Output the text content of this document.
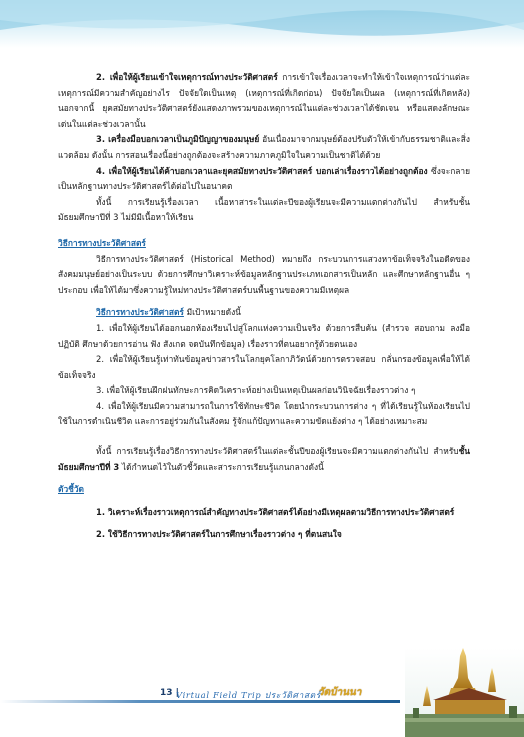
2. เพื่อให้ผู้เรียนเข้าใจเหตุการณ์ทางประวัติศาสตร์ การเข้าใจเรื่องเวลาจะทำให้เข้าใจเหตุการณ์ว่าแต่ละเหตุการณ์มีความสำคัญอย่างไร ปัจจัยใดเป็นเหตุ (เหตุการณ์ที่เกิดก่อน) ปัจจัยใดเป็นผล (เหตุการณ์ที่เกิดหลัง) นอกจากนี้ ยุคสมัยทางประวัติศาสตร์ยังแสดงภาพรวมของเหตุการณ์ในแต่ละช่วงเวลาได้ชัดเจน หรือแสดงลักษณะเด่นในแต่ละช่วงเวลานั้น

3. เครื่องมือบอกเวลาเป็นภูมิปัญญาของมนุษย์ อันเนื่องมาจากมนุษย์ต้องปรับตัวให้เข้ากับธรรมชาติและสิ่งแวดล้อม ดังนั้น การสอนเรื่องนี้อย่างถูกต้องจะสร้างความภาคภูมิใจในความเป็นชาติได้ด้วย

4. เพื่อให้ผู้เรียนได้ค้าบอกเวลาและยุคสมัยทางประวัติศาสตร์ บอกเล่าเรื่องราวได้อย่างถูกต้อง ซึ่งจะกลายเป็นหลักฐานทางประวัติศาสตร์ได้ต่อไปในอนาคต

ทั้งนี้ การเรียนรู้เรื่องเวลา เนื้อหาสาระในแต่ละปีของผู้เรียนจะมีความแตกต่างกันไป สำหรับชั้นมัธยมศึกษาปีที่ 3 ไม่มีมีเนื้อหาให้เรียน

วิธีการทางประวัติศาสตร์

วิธีการทางประวัติศาสตร์ (Historical Method) หมายถึง กระบวนการแสวงหาข้อเท็จจริงในอดีตของสังคมมนุษย์อย่างเป็นระบบ ด้วยการศึกษาวิเคราะห์ข้อมูลหลักฐานประเภทเอกสารเป็นหลัก และศึกษาหลักฐานอื่น ๆ ประกอบ เพื่อให้ได้มาซึ่งความรู้ใหม่ทางประวัติศาสตร์บนพื้นฐานของความมีเหตุผล

วิธีการทางประวัติศาสตร์ มีเป้าหมายดังนี้

1. เพื่อให้ผู้เรียนได้ออกนอกห้องเรียนไปสู่โลกแห่งความเป็นจริง ด้วยการสืบค้น (สำรวจ สอบถาม ลงมือปฏิบัติ ศึกษาด้วยการอ่าน ฟัง สังเกต จดบันทึกข้อมูล) เรื่องราวที่ตนอยากรู้ด้วยตนเอง

2. เพื่อให้ผู้เรียนรู้เท่าทันข้อมูลข่าวสารในโลกยุคโลกาภิวัตน์ด้วยการตรวจสอบ กลั่นกรองข้อมูลเพื่อให้ได้ข้อเท็จจริง

3. เพื่อให้ผู้เรียนฝึกฝนทักษะการคิดวิเคราะห์อย่างเป็นเหตุเป็นผลก่อนวินิจฉัยเรื่องราวต่าง ๆ

4. เพื่อให้ผู้เรียนมีความสามารถในการใช้ทักษะชีวิต โดยนำกระบวนการต่าง ๆ ที่ได้เรียนรู้ในห้องเรียนไปใช้ในการดำเนินชีวิต และการอยู่ร่วมกันในสังคม รู้จักแก้ปัญหาและความขัดแย้งต่าง ๆ ได้อย่างเหมาะสม

ทั้งนี้ การเรียนรู้เรื่องวิธีการทางประวัติศาสตร์ในแต่ละชั้นปีของผู้เรียนจะมีความแตกต่างกันไป สำหรับชั้นมัธยมศึกษาปีที่ 3 ได้กำหนดไว้ในตัวชี้วัดและสาระการเรียนรู้แกนกลางดังนี้

ตัวชี้วัด

1. วิเคราะห์เรื่องราวเหตุการณ์สำคัญทางประวัติศาสตร์ได้อย่างมีเหตุผลตามวิธีการทางประวัติศาสตร์

2. ใช้วิธีการทางประวัติศาสตร์ในการศึกษาเรื่องราวต่าง ๆ ที่ตนสนใจ

13 |
Virtual Field Trip ประวัติศาสตร์
วัดบ้านนา
